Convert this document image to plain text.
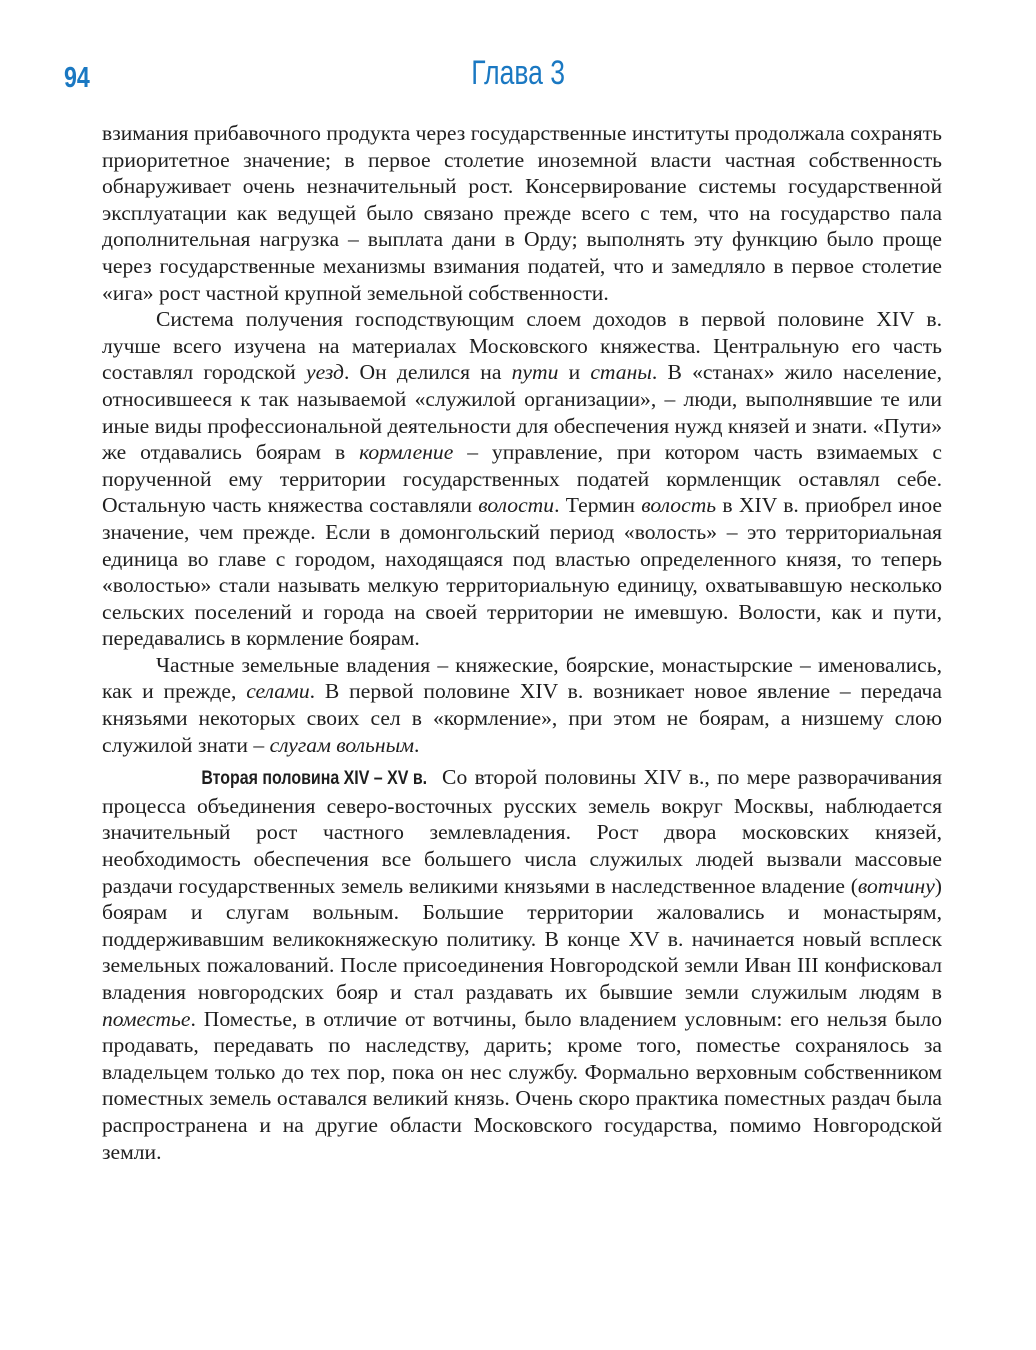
94	Глава 3

взимания прибавочного продукта через государственные институты продолжала сохранять приоритетное значение; в первое столетие иноземной власти частная собственность обнаруживает очень незначительный рост. Консервирование системы государственной эксплуатации как ведущей было связано прежде всего с тем, что на государство пала дополнительная нагрузка – выплата дани в Орду; выполнять эту функцию было проще через государственные механизмы взимания податей, что и замедляло в первое столетие «ига» рост частной крупной земельной собственности.

Система получения господствующим слоем доходов в первой половине XIV в. лучше всего изучена на материалах Московского княжества. Центральную его часть составлял городской уезд. Он делился на пути и станы. В «станах» жило население, относившееся к так называемой «служилой организации», – люди, выполнявшие те или иные виды профессиональной деятельности для обеспечения нужд князей и знати. «Пути» же отдавались боярам в кормление – управление, при котором часть взимаемых с порученной ему территории государственных податей кормленщик оставлял себе. Остальную часть княжества составляли волости. Термин волость в XIV в. приобрел иное значение, чем прежде. Если в домонгольский период «волость» – это территориальная единица во главе с городом, находящаяся под властью определенного князя, то теперь «волостью» стали называть мелкую территориальную единицу, охватывавшую несколько сельских поселений и города на своей территории не имевшую. Волости, как и пути, передавались в кормление боярам.

Частные земельные владения – княжеские, боярские, монастырские – именовались, как и прежде, селами. В первой половине XIV в. возникает новое явление – передача князьями некоторых своих сел в «кормление», при этом не боярам, а низшему слою служилой знати – слугам вольным.

Вторая половина XIV – XV в. Со второй половины XIV в., по мере разворачивания процесса объединения северо-восточных русских земель вокруг Москвы, наблюдается значительный рост частного землевладения. Рост двора московских князей, необходимость обеспечения все большего числа служилых людей вызвали массовые раздачи государственных земель великими князьями в наследственное владение (вотчину) боярам и слугам вольным. Большие территории жаловались и монастырям, поддерживавшим великокняжескую политику. В конце XV в. начинается новый всплеск земельных пожалований. После присоединения Новгородской земли Иван III конфисковал владения новгородских бояр и стал раздавать их бывшие земли служилым людям в поместье. Поместье, в отличие от вотчины, было владением условным: его нельзя было продавать, передавать по наследству, дарить; кроме того, поместье сохранялось за владельцем только до тех пор, пока он нес службу. Формально верховным собственником поместных земель оставался великий князь. Очень скоро практика поместных раздач была распространена и на другие области Московского государства, помимо Новгородской земли.
